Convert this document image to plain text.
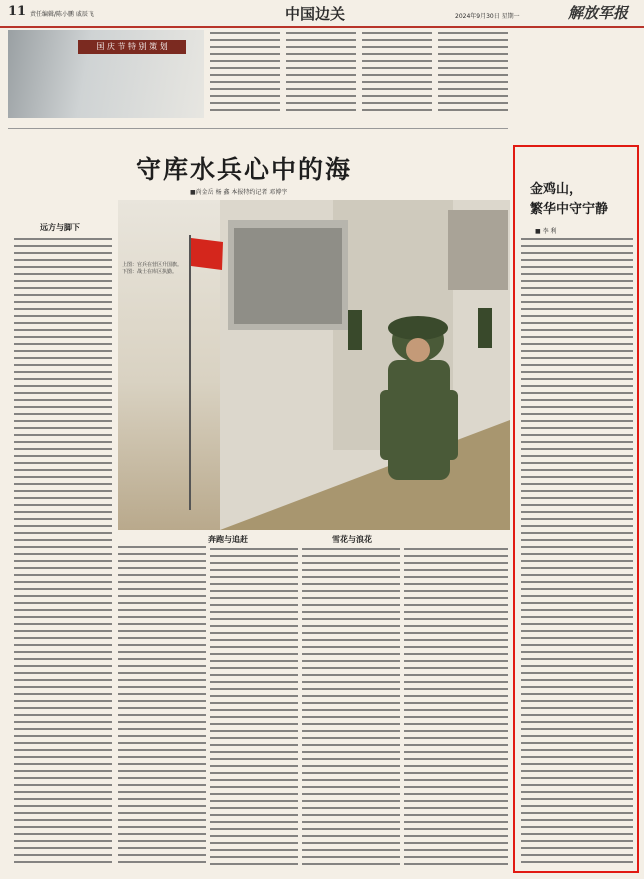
11 责任编辑/陈小鹏 戚辰飞	中国边关	2024年9月30日 星期一	解放军报
国 庆 节 特 别 策 划
守库水兵心中的海
■尚金岳 杨 鑫 本报特约记者 邓博宇
远方与脚下
奔跑与追赶	雪花与浪花
上图：官兵在营区升国旗。下图：战士在库区执勤。
金鸡山，
繁华中守宁静
■ 李 利
